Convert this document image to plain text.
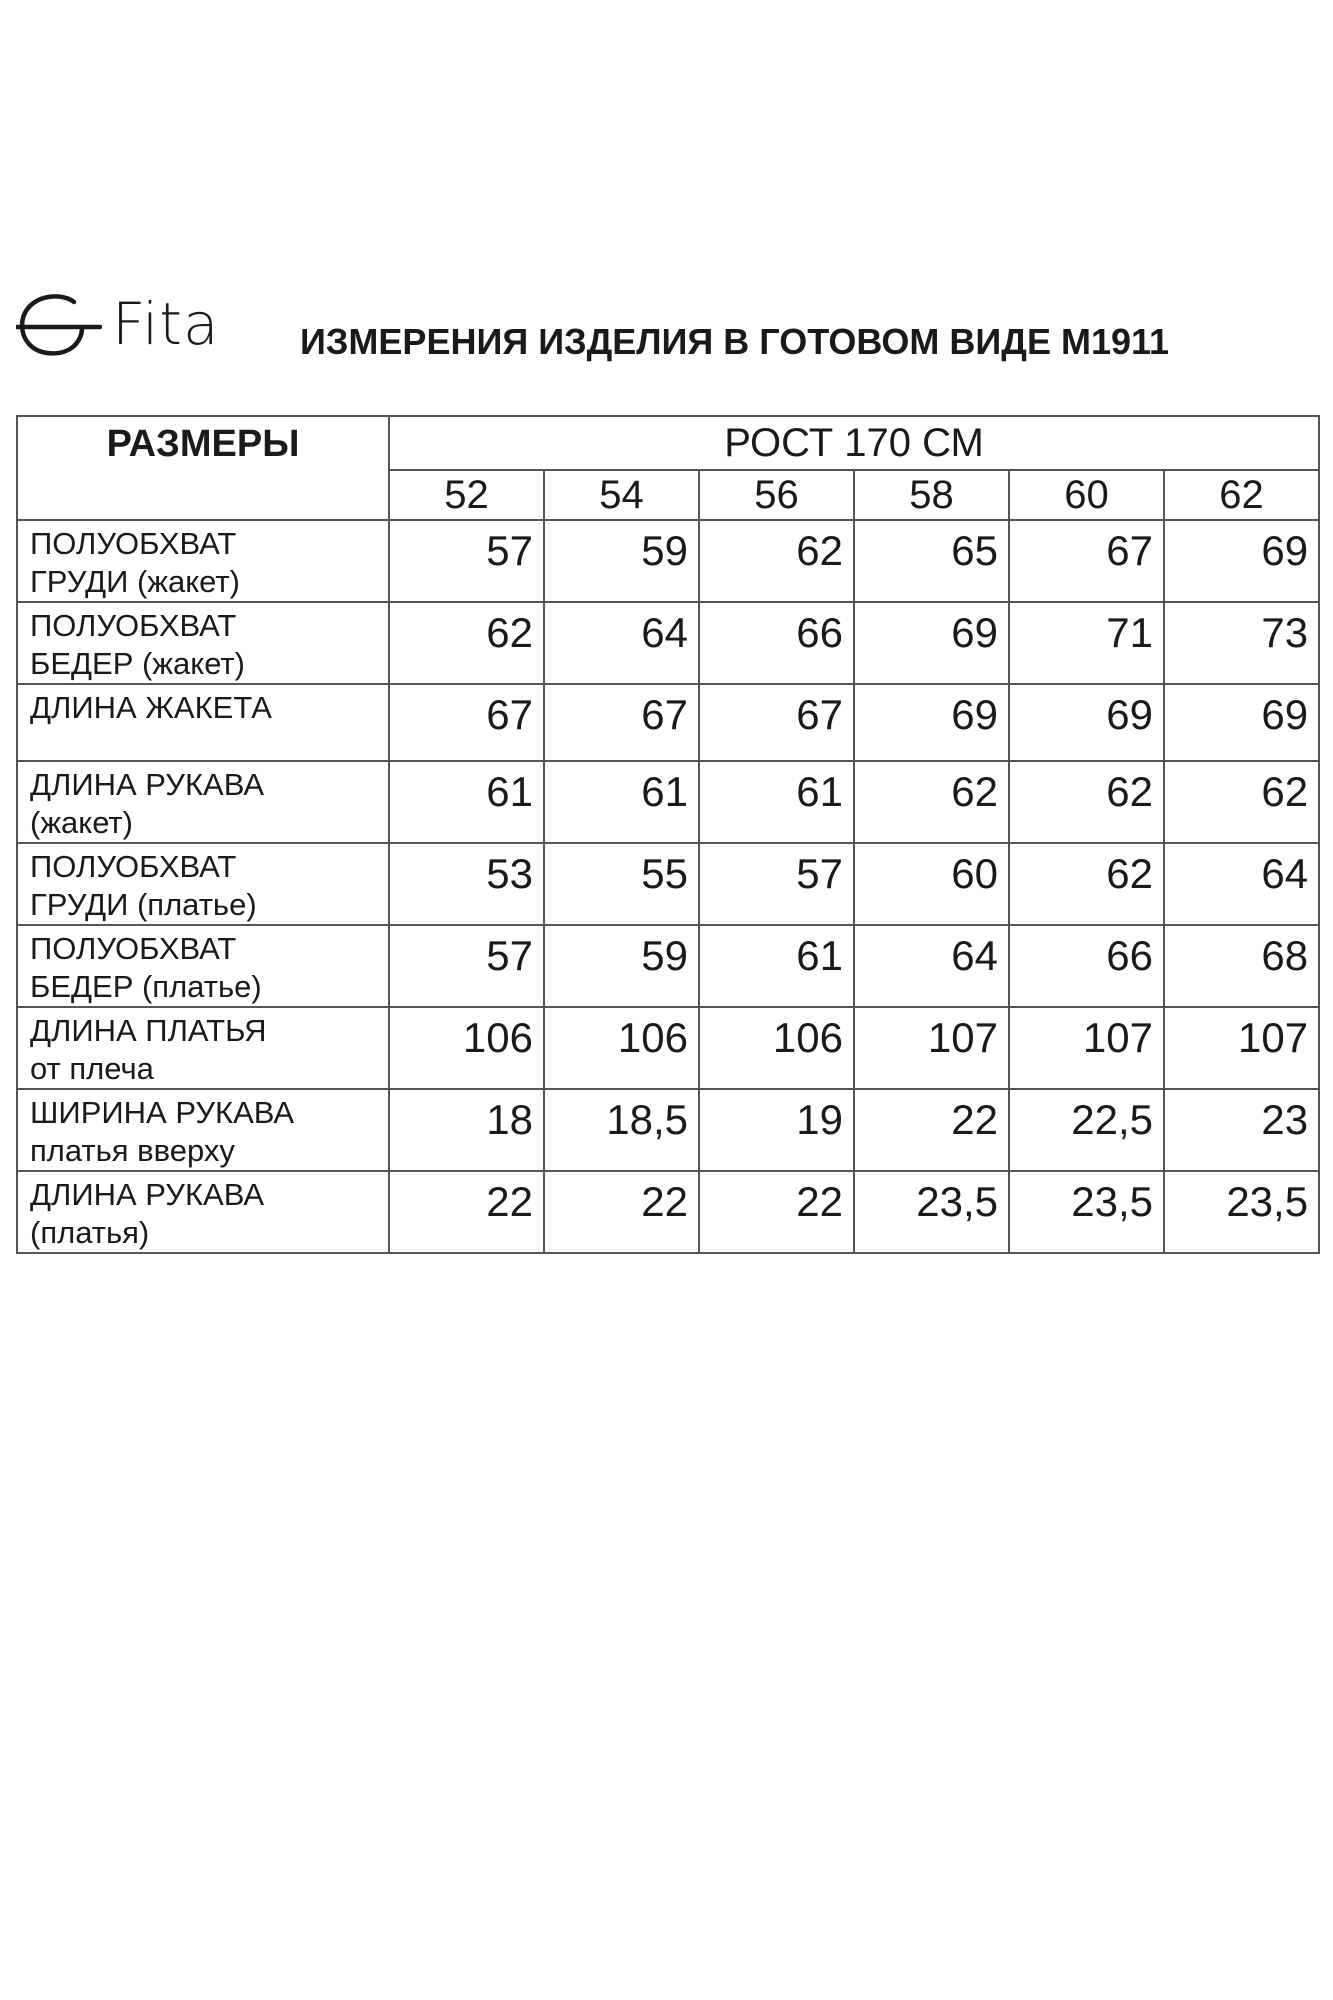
Fita ИЗМЕРЕНИЯ ИЗДЕЛИЯ В ГОТОВОМ ВИДЕ М1911
РАЗМЕРЫ	РОСТ 170 СМ					
	52	54	56	58	60	62

ПОЛУОБХВАТ
ГРУДИ (жакет)	57	59	62	65	67	69

ПОЛУОБХВАТ
БЕДЕР (жакет)	62	64	66	69	71	73

ДЛИНА ЖАКЕТА	67	67	67	69	69	69

ДЛИНА РУКАВА
(жакет)	61	61	61	62	62	62

ПОЛУОБХВАТ
ГРУДИ (платье)	53	55	57	60	62	64

ПОЛУОБХВАТ
БЕДЕР (платье)	57	59	61	64	66	68

ДЛИНА ПЛАТЬЯ
от плеча	106	106	106	107	107	107

ШИРИНА РУКАВА
платья вверху	18	18,5	19	22	22,5	23

ДЛИНА РУКАВА
(платья)	22	22	22	23,5	23,5	23,5
